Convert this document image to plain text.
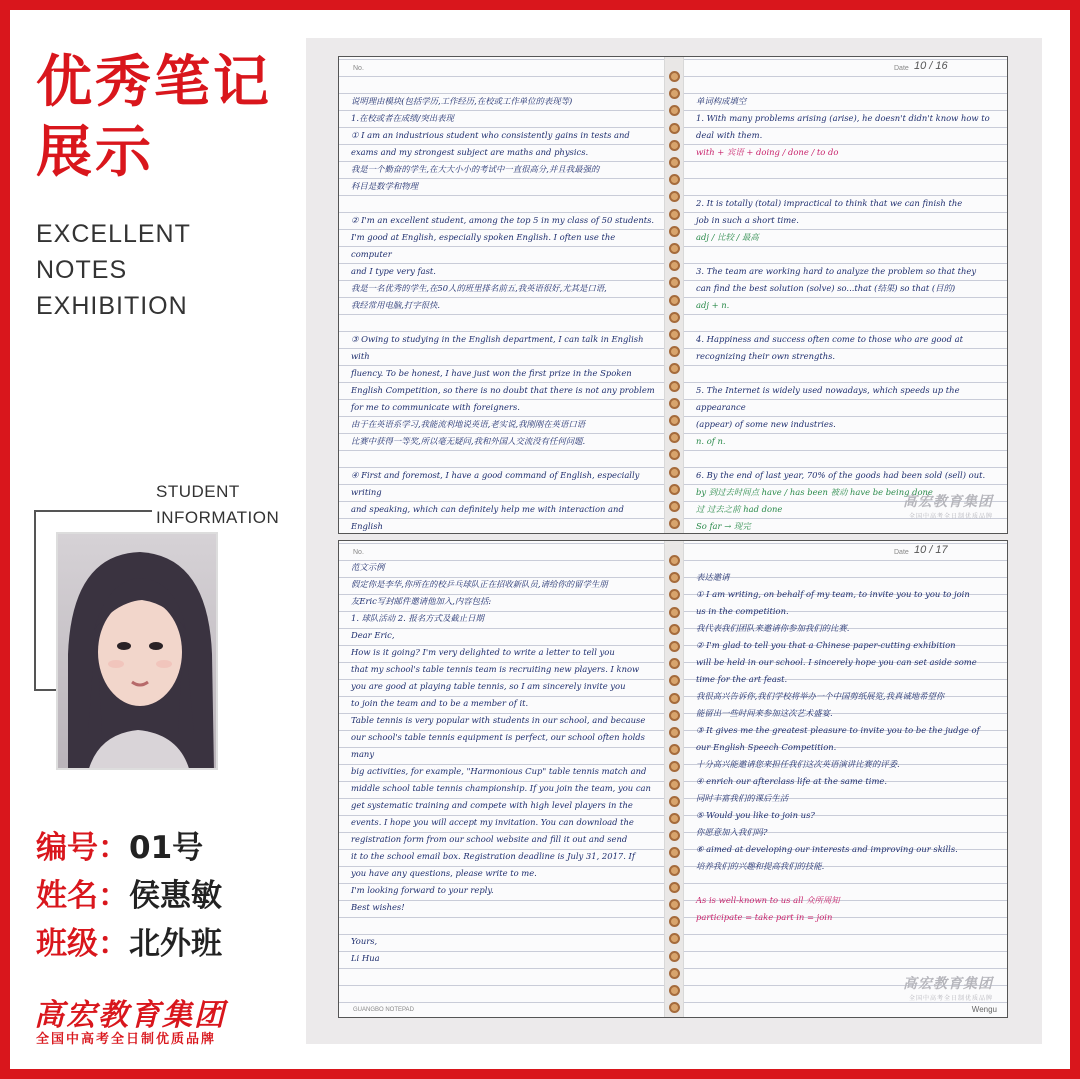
优秀笔记
展示
EXCELLENT
NOTES
EXHIBITION
STUDENT
INFORMATION
编号：01号
姓名：侯惠敏
班级：北外班
高宏教育集团
全国中高考全日制优质品牌
No.

说明理由模块(包括学历,工作经历,在校或工作单位的表现等)

1.在校或者在成绩/突出表现

① I am an industrious student who consistently gains in tests and

exams and my strongest subject are maths and physics.

我是一个勤奋的学生,在大大小小的考试中一直很高分,并且我最强的

科目是数学和物理

② I'm an excellent student, among the top 5 in my class of 50 students.

I'm good at English, especially spoken English. I often use the computer

and I type very fast.

我是一名优秀的学生,在50人的班里排名前五,我英语很好,尤其是口语,

我经常用电脑,打字很快.

③ Owing to studying in the English department, I can talk in English with

fluency. To be honest, I have just won the first prize in the Spoken

English Competition, so there is no doubt that there is not any problem

for me to communicate with foreigners.

由于在英语系学习,我能流利地说英语,老实说,我刚刚在英语口语

比赛中获得一等奖,所以毫无疑问,我和外国人交流没有任何问题.

④ First and foremost, I have a good command of English, especially writing

and speaking, which can definitely help me with interaction and English

Date 10 / 16

单词构成填空

1. With many problems arising (arise), he doesn't didn't know how to

deal with them.

with + 宾语 + doing / done / to do

2. It is totally (total) impractical to think that we can finish the

job in such a short time.

adj / 比较 / 最高

3. The team are working hard to analyze the problem so that they

can find the best solution (solve) so...that (结果) so that (目的)

adj + n.

4. Happiness and success often come to those who are good at

recognizing their own strengths.

5. The Internet is widely used nowadays, which speeds up the appearance

(appear) of some new industries.

n. of n.

6. By the end of last year, 70% of the goods had been sold (sell) out.

by 到过去时间点 have / has been 被动 have be being done

过 过去之前 had done

So far → 现完

高宏教育集团
全国中高考全日制优质品牌
No.

范文示例

假定你是李华,你所在的校乒乓球队正在招收新队员,请给你的留学生朋

友Eric写封邮件邀请他加入,内容包括:

1. 球队活动 2. 报名方式及截止日期

Dear Eric,

How is it going? I'm very delighted to write a letter to tell you

that my school's table tennis team is recruiting new players. I know

you are good at playing table tennis, so I am sincerely invite you

to join the team and to be a member of it.

Table tennis is very popular with students in our school, and because

our school's table tennis equipment is perfect, our school often holds many

big activities, for example, "Harmonious Cup" table tennis match and

middle school table tennis championship. If you join the team, you can

get systematic training and compete with high level players in the

events. I hope you will accept my invitation. You can download the

registration form from our school website and fill it out and send

it to the school email box. Registration deadline is July 31, 2017. If

you have any questions, please write to me.

I'm looking forward to your reply.

Best wishes!

Yours,

Li Hua

GUANGBO NOTEPAD
Date 10 / 17

表达邀请

① I am writing, on behalf of my team, to invite you to you to join

us in the competition.

我代表我们团队来邀请你参加我们的比赛.

② I'm glad to tell you that a Chinese paper-cutting exhibition

will be held in our school. I sincerely hope you can set aside some

time for the art feast.

我很高兴告诉你,我们学校将举办一个中国剪纸展览,我真诚地希望你

能留出一些时间来参加这次艺术盛宴.

③ It gives me the greatest pleasure to invite you to be the judge of

our English Speech Competition.

十分高兴能邀请您来担任我们这次英语演讲比赛的评委.

④ enrich our afterclass life at the same time.

同时丰富我们的课后生活

⑤ Would you like to join us?

你愿意加入我们吗?

⑥ aimed at developing our interests and improving our skills.

培养我们的兴趣和提高我们的技能.

As is well-known to us all 众所周知

participate = take part in = join

高宏教育集团
全国中高考全日制优质品牌
Wengu
